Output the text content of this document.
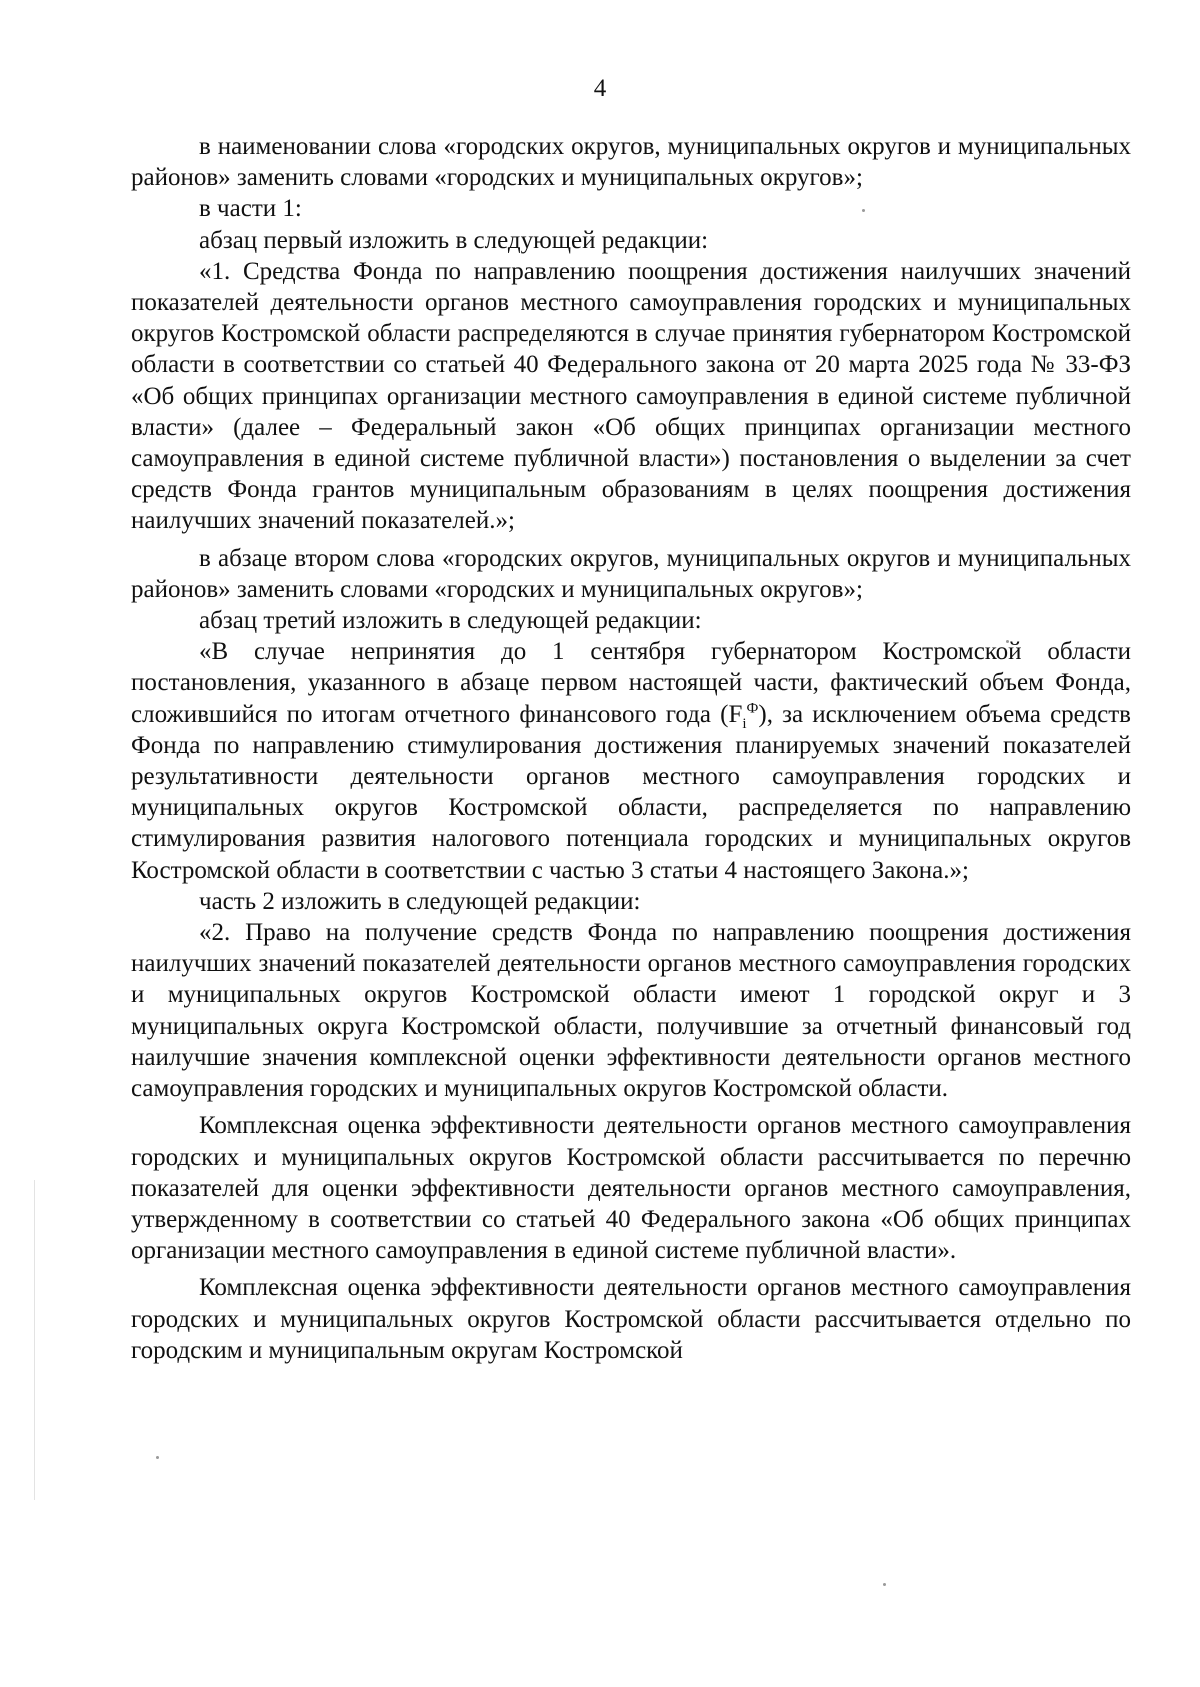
4

в наименовании слова «городских округов, муниципальных округов и муниципальных районов» заменить словами «городских и муниципальных округов»;

в части 1:

абзац первый изложить в следующей редакции:

«1. Средства Фонда по направлению поощрения достижения наилучших значений показателей деятельности органов местного самоуправления городских и муниципальных округов Костромской области распределяются в случае принятия губернатором Костромской области в соответствии со статьей 40 Федерального закона от 20 марта 2025 года № 33-ФЗ «Об общих принципах организации местного самоуправления в единой системе публичной власти» (далее – Федеральный закон «Об общих принципах организации местного самоуправления в единой системе публичной власти») постановления о выделении за счет средств Фонда грантов муниципальным образованиям в целях поощрения достижения наилучших значений показателей.»;

в абзаце втором слова «городских округов, муниципальных округов и муниципальных районов» заменить словами «городских и муниципальных округов»;

абзац третий изложить в следующей редакции:

«В случае непринятия до 1 сентября губернатором Костромской области постановления, указанного в абзаце первом настоящей части, фактический объем Фонда, сложившийся по итогам отчетного финансового года $(F_i^Ф)$, за исключением объема средств Фонда по направлению стимулирования достижения планируемых значений показателей результативности деятельности органов местного самоуправления городских и муниципальных округов Костромской области, распределяется по направлению стимулирования развития налогового потенциала городских и муниципальных округов Костромской области в соответствии с частью 3 статьи 4 настоящего Закона.»;

часть 2 изложить в следующей редакции:

«2. Право на получение средств Фонда по направлению поощрения достижения наилучших значений показателей деятельности органов местного самоуправления городских и муниципальных округов Костромской области имеют 1 городской округ и 3 муниципальных округа Костромской области, получившие за отчетный финансовый год наилучшие значения комплексной оценки эффективности деятельности органов местного самоуправления городских и муниципальных округов Костромской области.

Комплексная оценка эффективности деятельности органов местного самоуправления городских и муниципальных округов Костромской области рассчитывается по перечню показателей для оценки эффективности деятельности органов местного самоуправления, утвержденному в соответствии со статьей 40 Федерального закона «Об общих принципах организации местного самоуправления в единой системе публичной власти».

Комплексная оценка эффективности деятельности органов местного самоуправления городских и муниципальных округов Костромской области рассчитывается отдельно по городским и муниципальным округам Костромской
